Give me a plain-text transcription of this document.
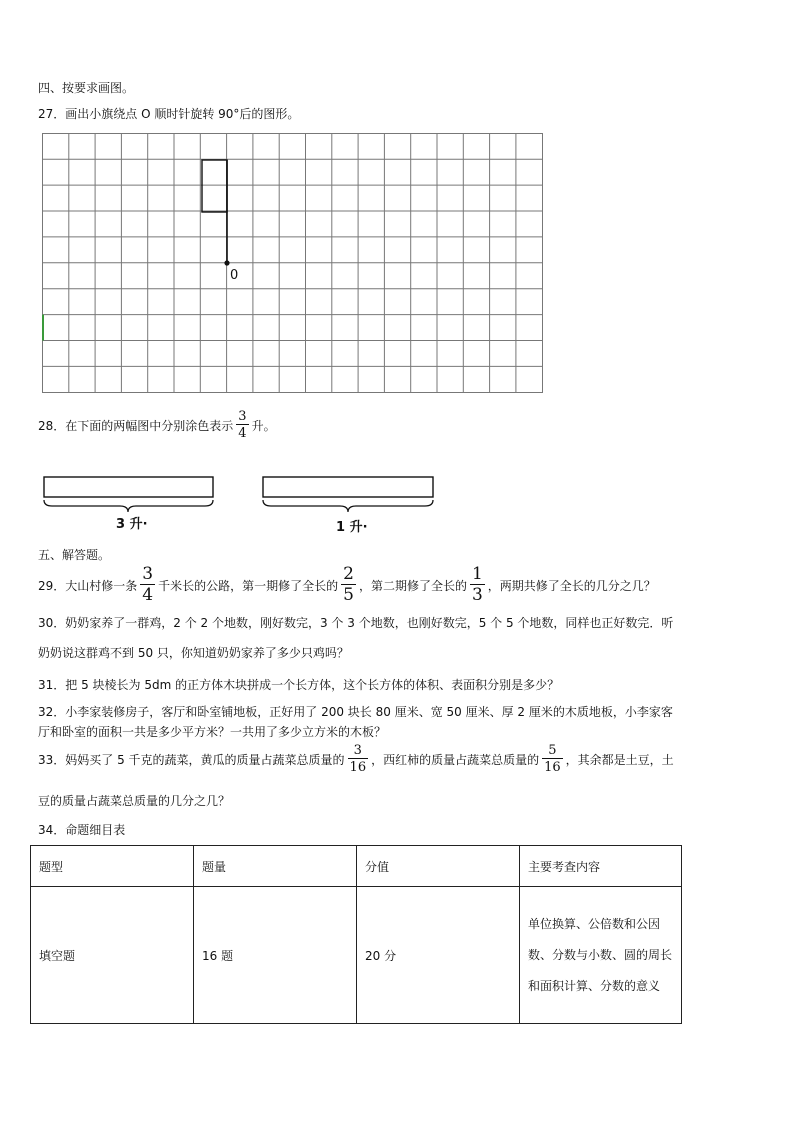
四、按要求画图。
27．画出小旗绕点 O 顺时针旋转 90°后的图形。
0
28．在下面的两幅图中分别涂色表示 $\frac{3}{4}$ 升。
3 升·	1 升·
五、解答题。
29．大山村修一条 $\frac{3}{4}$ 千米长的公路，第一期修了全长的 $\frac{2}{5}$ ，第二期修了全长的 $\frac{1}{3}$ ，两期共修了全长的几分之几？
30．奶奶家养了一群鸡，2 个 2 个地数，刚好数完，3 个 3 个地数，也刚好数完，5 个 5 个地数，同样也正好数完．听
奶奶说这群鸡不到 50 只，你知道奶奶家养了多少只鸡吗？
31．把 5 块棱长为 5dm 的正方体木块拼成一个长方体，这个长方体的体积、表面积分别是多少？
32．小李家装修房子，客厅和卧室铺地板，正好用了 200 块长 80 厘米、宽 50 厘米、厚 2 厘米的木质地板，小李家客
厅和卧室的面积一共是多少平方米？一共用了多少立方米的木板？
33．妈妈买了 5 千克的蔬菜，黄瓜的质量占蔬菜总质量的 $\frac{3}{16}$ ，西红柿的质量占蔬菜总质量的 $\frac{5}{16}$ ，其余都是土豆，土
豆的质量占蔬菜总质量的几分之几？
34．命题细目表
题型	题量	分值	主要考查内容
填空题	16 题	20 分	单位换算、公倍数和公因数、分数与小数、圆的周长和面积计算、分数的意义
